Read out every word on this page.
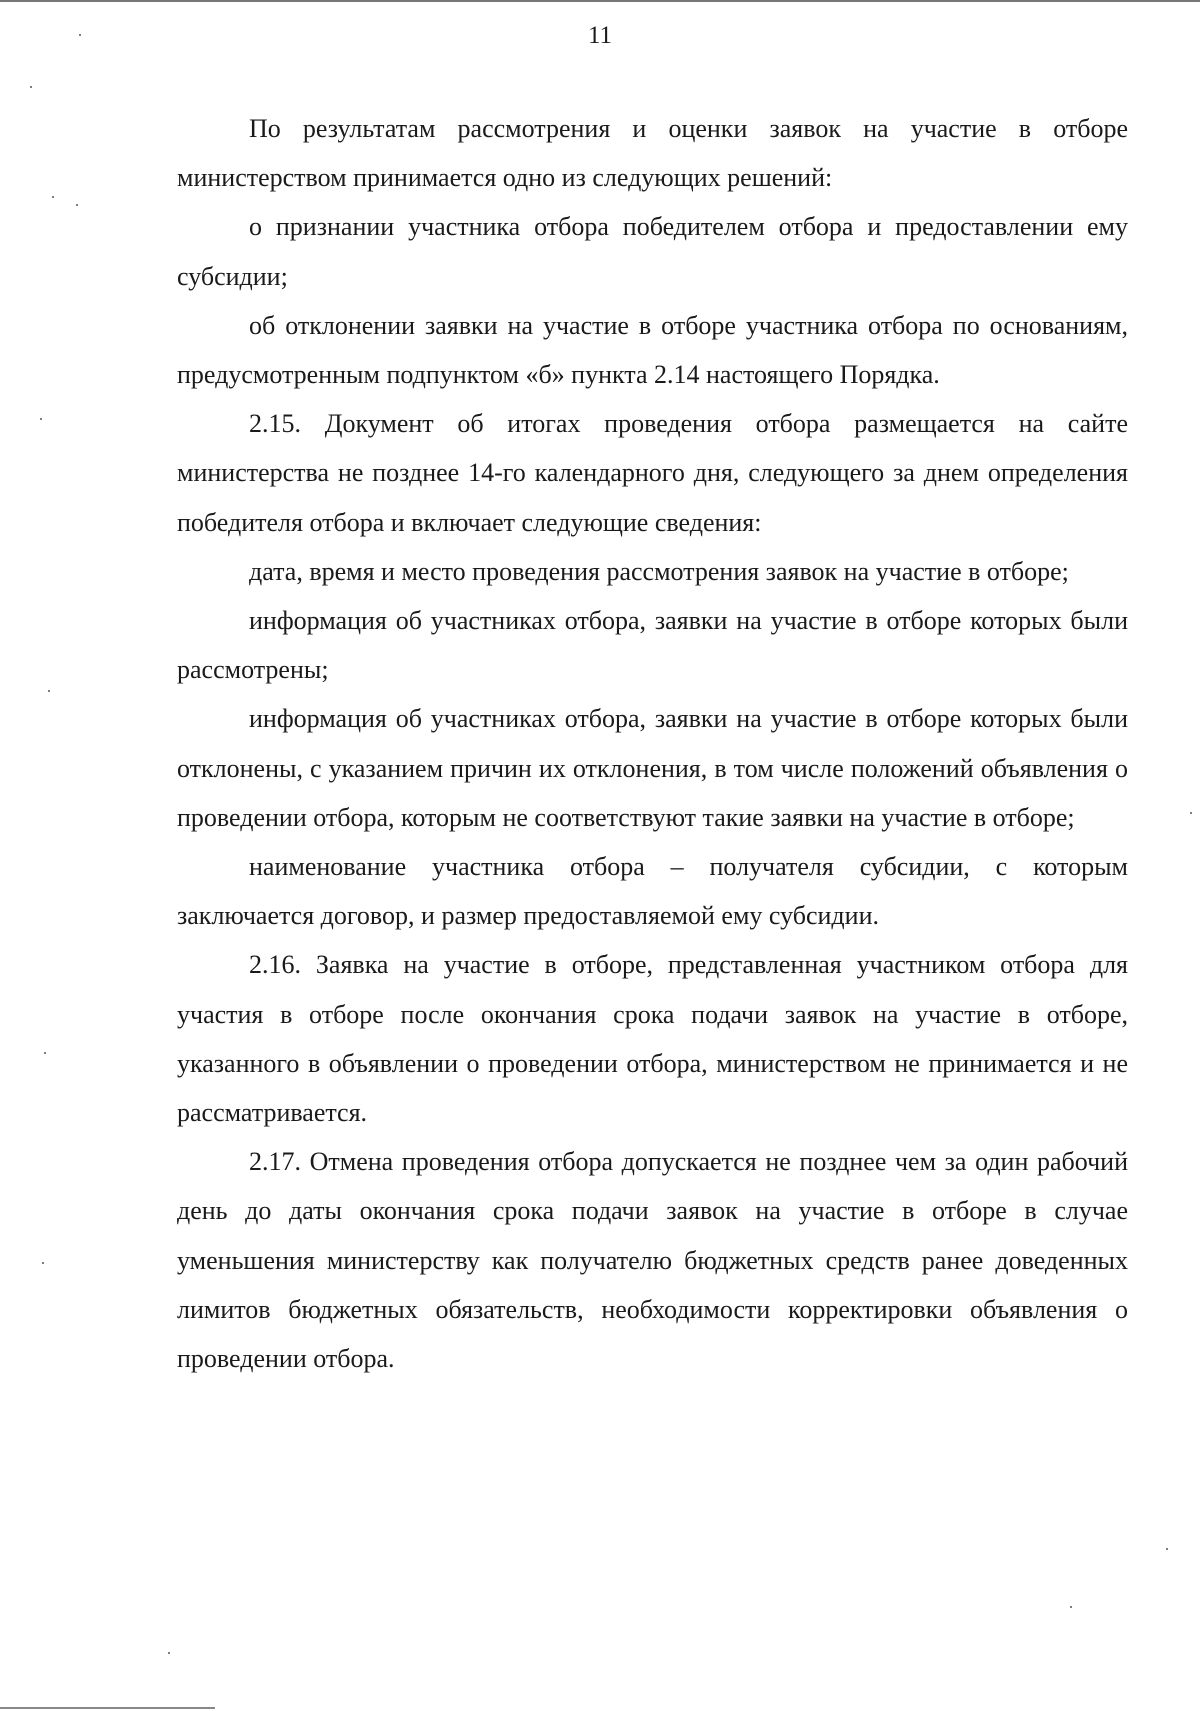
11

По результатам рассмотрения и оценки заявок на участие в отборе министерством принимается одно из следующих решений:

о признании участника отбора победителем отбора и предоставлении ему субсидии;

об отклонении заявки на участие в отборе участника отбора по основаниям, предусмотренным подпунктом «б» пункта 2.14 настоящего Порядка.

2.15. Документ об итогах проведения отбора размещается на сайте министерства не позднее 14-го календарного дня, следующего за днем определения победителя отбора и включает следующие сведения:

дата, время и место проведения рассмотрения заявок на участие в отборе;

информация об участниках отбора, заявки на участие в отборе которых были рассмотрены;

информация об участниках отбора, заявки на участие в отборе которых были отклонены, с указанием причин их отклонения, в том числе положений объявления о проведении отбора, которым не соответствуют такие заявки на участие в отборе;

наименование участника отбора – получателя субсидии, с которым заключается договор, и размер предоставляемой ему субсидии.

2.16. Заявка на участие в отборе, представленная участником отбора для участия в отборе после окончания срока подачи заявок на участие в отборе, указанного в объявлении о проведении отбора, министерством не принимается и не рассматривается.

2.17. Отмена проведения отбора допускается не позднее чем за один рабочий день до даты окончания срока подачи заявок на участие в отборе в случае уменьшения министерству как получателю бюджетных средств ранее доведенных лимитов бюджетных обязательств, необходимости корректировки объявления о проведении отбора.
